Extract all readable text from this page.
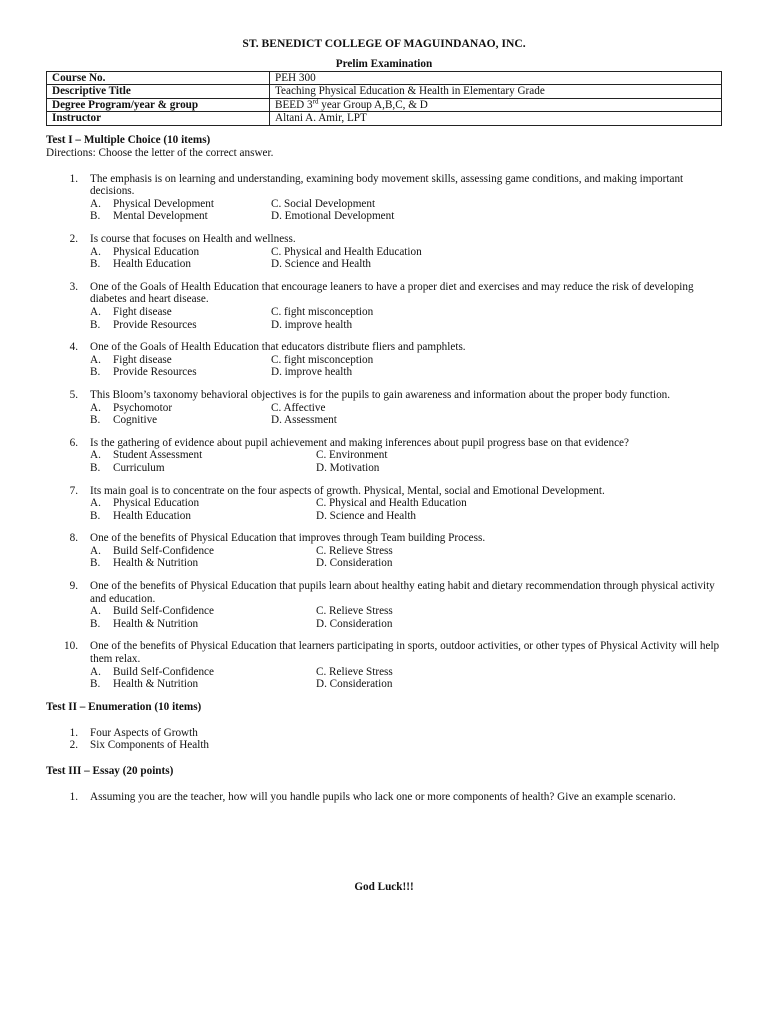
ST. BENEDICT COLLEGE OF MAGUINDANAO, INC.
Prelim Examination
Course No.	PEH 300
Descriptive Title	Teaching Physical Education & Health in Elementary Grade
Degree Program/year & group	BEED 3rd year Group A,B,C, & D
Instructor	Altani A. Amir, LPT
Test I – Multiple Choice (10 items)
Directions: Choose the letter of the correct answer.
1. The emphasis is on learning and understanding, examining body movement skills, assessing game conditions, and making important decisions.
A. Physical Development	C. Social Development
B. Mental Development	D. Emotional Development
2. Is course that focuses on Health and wellness.
A. Physical Education	C. Physical and Health Education
B. Health Education	D. Science and Health
3. One of the Goals of Health Education that encourage leaners to have a proper diet and exercises and may reduce the risk of developing diabetes and heart disease.
A. Fight disease	C. fight misconception
B. Provide Resources	D. improve health
4. One of the Goals of Health Education that educators distribute fliers and pamphlets.
A. Fight disease	C. fight misconception
B. Provide Resources	D. improve health
5. This Bloom’s taxonomy behavioral objectives is for the pupils to gain awareness and information about the proper body function.
A. Psychomotor	C. Affective
B. Cognitive	D. Assessment
6. Is the gathering of evidence about pupil achievement and making inferences about pupil progress base on that evidence?
A. Student Assessment	C. Environment
B. Curriculum	D. Motivation
7. Its main goal is to concentrate on the four aspects of growth. Physical, Mental, social and Emotional Development.
A. Physical Education	C. Physical and Health Education
B. Health Education	D. Science and Health
8. One of the benefits of Physical Education that improves through Team building Process.
A. Build Self-Confidence	C. Relieve Stress
B. Health & Nutrition	D. Consideration
9. One of the benefits of Physical Education that pupils learn about healthy eating habit and dietary recommendation through physical activity and education.
A. Build Self-Confidence	C. Relieve Stress
B. Health & Nutrition	D. Consideration
10. One of the benefits of Physical Education that learners participating in sports, outdoor activities, or other types of Physical Activity will help them relax.
A. Build Self-Confidence	C. Relieve Stress
B. Health & Nutrition	D. Consideration
Test II – Enumeration (10 items)
1. Four Aspects of Growth
2. Six Components of Health
Test III – Essay (20 points)
1. Assuming you are the teacher, how will you handle pupils who lack one or more components of health? Give an example scenario.
God Luck!!!
